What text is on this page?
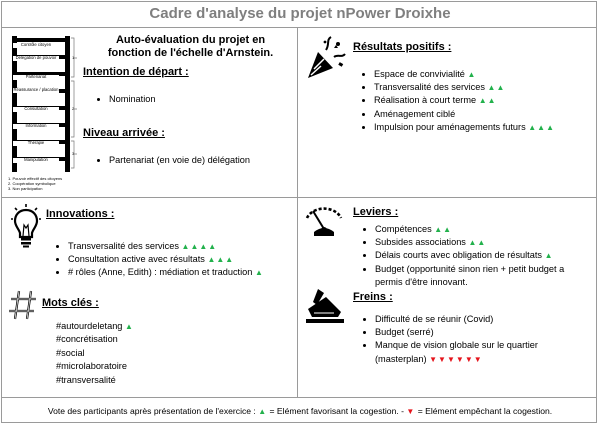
Cadre d'analyse du projet nPower Droixhe
1
2
3
Contrôle citoyen
Délégation de pouvoir
Partenariat
Réassurance / placation
Consultation
Information
Thérapie
Manipulation
1. Pouvoir effectif des citoyens
2. Coopération symbolique
3. Non participation
Auto-évaluation du projet en
fonction de l'échelle d'Arnstein.
Intention de départ :
• Nomination
Niveau arrivée :
• Partenariat (en voie de) délégation
Résultats positifs :
• Espace de convivialité ▲
• Transversalité des services ▲▲
• Réalisation à court terme ▲▲
• Aménagement ciblé
• Impulsion pour aménagements futurs ▲▲▲
Innovations :
• Transversalité des services ▲▲▲▲
• Consultation active avec résultats ▲▲▲
• # rôles (Anne, Edith) : médiation et traduction ▲
Mots clés :
#autourdeletang ▲
#concrétisation
#social
#microlaboratoire
#transversalité
Leviers :
• Compétences ▲▲
• Subsides associations ▲▲
• Délais courts avec obligation de résultats ▲
• Budget (opportunité sinon rien + petit budget a
permis d'être innovant.
Freins :
• Difficulté de se réunir (Covid)
• Budget (serré)
• Manque de vision globale sur le quartier
(masterplan) ▼▼▼▼▼▼
Vote des participants après présentation de l'exercice : ▲ = Elément favorisant la cogestion. - ▼ = Elément empêchant la cogestion.
